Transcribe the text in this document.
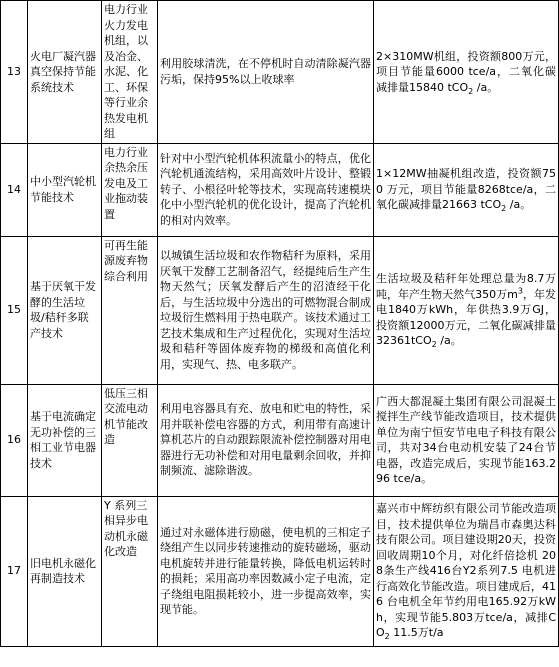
13	火电厂凝汽器真空保持节能系统技术	电力行业火力发电机组，以及冶金、水泥、化工、环保等行业余热发电机组	利用胶球清洗，在不停机时自动清除凝汽器污垢，保持95%以上收球率	2×310MW机组，投资额800万元，项目节能量6000 tce/a，二氧化碳减排量15840 tCO$_2$ /a。
14	中小型汽轮机节能技术	电力行业余热余压发电及工业拖动装置	针对中小型汽轮机体积流量小的特点，优化汽轮机通流结构，采用高效叶片设计、整锻转子、小根径叶轮等技术，实现高转速模块化中小型汽轮机的优化设计，提高了汽轮机的相对内效率。	1×12MW抽凝机组改造，投资额750 万元，项目节能量8268tce/a，二氧化碳减排量21663 tCO$_2$ /a。
15	基于厌氧干发酵的生活垃圾/秸秆多联产技术	可再生能源废弃物综合利用	以城镇生活垃圾和农作物秸秆为原料，采用厌氧干发酵工艺制备沼气，经提纯后生产生物天然气；厌氧发酵后产生的沼渣经干化后，与生活垃圾中分选出的可燃物混合制成垃圾衍生燃料用于热电联产。该技术通过工艺技术集成和生产过程优化，实现对生活垃圾和秸秆等固体废弃物的梯级和高值化利用，实现气、热、电多联产。	生活垃圾及秸秆年处理总量为8.7万吨，年产生物天然气350万$m^3$，年发电1840万kWh，年供热3.9万GJ，投资额12000万元，二氧化碳减排量32361tCO$_2$ /a。
16	基于电流确定无功补偿的三相工业节电器技术	低压三相交流电动机节能改造	利用电容器具有充、放电和贮电的特性，采用并联补偿电容器的方式，利用带有高速计算机芯片的自动跟踪限流补偿控制器对用电器进行无功补偿和对用电量剩余回收，并抑制频流、滤除谐波。	广西大都混凝土集团有限公司混凝土搅拌生产线节能改造项目，技术提供单位为南宁恒安节电电子科技有限公司，共对34台电动机安装了24台节电器，改造完成后，实现节能163.296 tce/a。
17	旧电机永磁化再制造技术	Y 系列三相异步电动机永磁化改造	通过对永磁体进行励磁，使电机的三相定子绕组产生以同步转速推动的旋转磁场，驱动电机旋转并进行能量转换，降低电机运转时的损耗；采用高功率因数减小定子电流，定子绕组电阻损耗较小，进一步提高效率，实现节能。	嘉兴市中辉纺织有限公司节能改造项目，技术提供单位为瑞昌市森奥达科技有限公司。项目建设期20天，投资回收周期10个月，对化纤倍捻机 208条生产线416台Y2系列7.5 电机进行高效化节能改造。项目建成后，416 台电机全年节约用电165.92万kWh，实现节能5.803万tce/a，减排$CO_2$ 11.5万t/a
